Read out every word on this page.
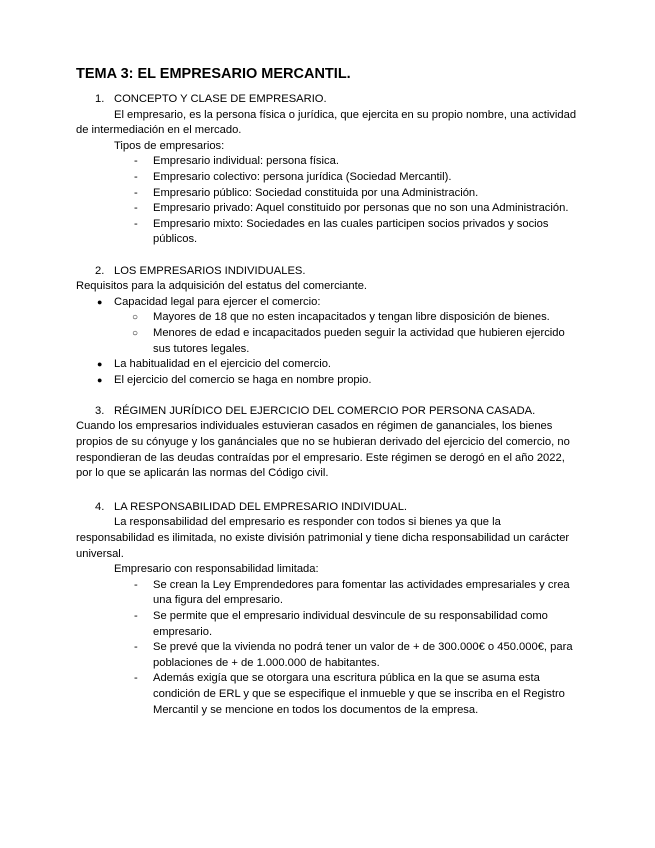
TEMA 3: EL EMPRESARIO MERCANTIL.
1. CONCEPTO Y CLASE DE EMPRESARIO.

El empresario, es la persona física o jurídica, que ejercita en su propio nombre, una actividad de intermediación en el mercado.

Tipos de empresarios:
- Empresario individual: persona física.
- Empresario colectivo: persona jurídica (Sociedad Mercantil).
- Empresario público: Sociedad constituida por una Administración.
- Empresario privado: Aquel constituido por personas que no son una Administración.
- Empresario mixto: Sociedades en las cuales participen socios privados y socios públicos.
2. LOS EMPRESARIOS INDIVIDUALES.

Requisitos para la adquisición del estatus del comerciante.

● Capacidad legal para ejercer el comercio:
○ Mayores de 18 que no esten incapacitados y tengan libre disposición de bienes.
○ Menores de edad e incapacitados pueden seguir la actividad que hubieren ejercido sus tutores legales.
● La habitualidad en el ejercicio del comercio.
● El ejercicio del comercio se haga en nombre propio.
3. RÉGIMEN JURÍDICO DEL EJERCICIO DEL COMERCIO POR PERSONA CASADA.

Cuando los empresarios individuales estuvieran casados en régimen de gananciales, los bienes propios de su cónyuge y los ganánciales que no se hubieran derivado del ejercicio del comercio, no respondieran de las deudas contraídas por el empresario. Este régimen se derogó en el año 2022, por lo que se aplicarán las normas del Código civil.

4. LA RESPONSABILIDAD DEL EMPRESARIO INDIVIDUAL.

La responsabilidad del empresario es responder con todos si bienes ya que la responsabilidad es ilimitada, no existe división patrimonial y tiene dicha responsabilidad un carácter universal.

Empresario con responsabilidad limitada:
- Se crean la Ley Emprendedores para fomentar las actividades empresariales y crea una figura del empresario.
- Se permite que el empresario individual desvincule de su responsabilidad como empresario.
- Se prevé que la vivienda no podrá tener un valor de + de 300.000€ o 450.000€, para poblaciones de + de 1.000.000 de habitantes.
- Además exigía que se otorgara una escritura pública en la que se asuma esta condición de ERL y que se especifique el inmueble y que se inscriba en el Registro Mercantil y se mencione en todos los documentos de la empresa.
